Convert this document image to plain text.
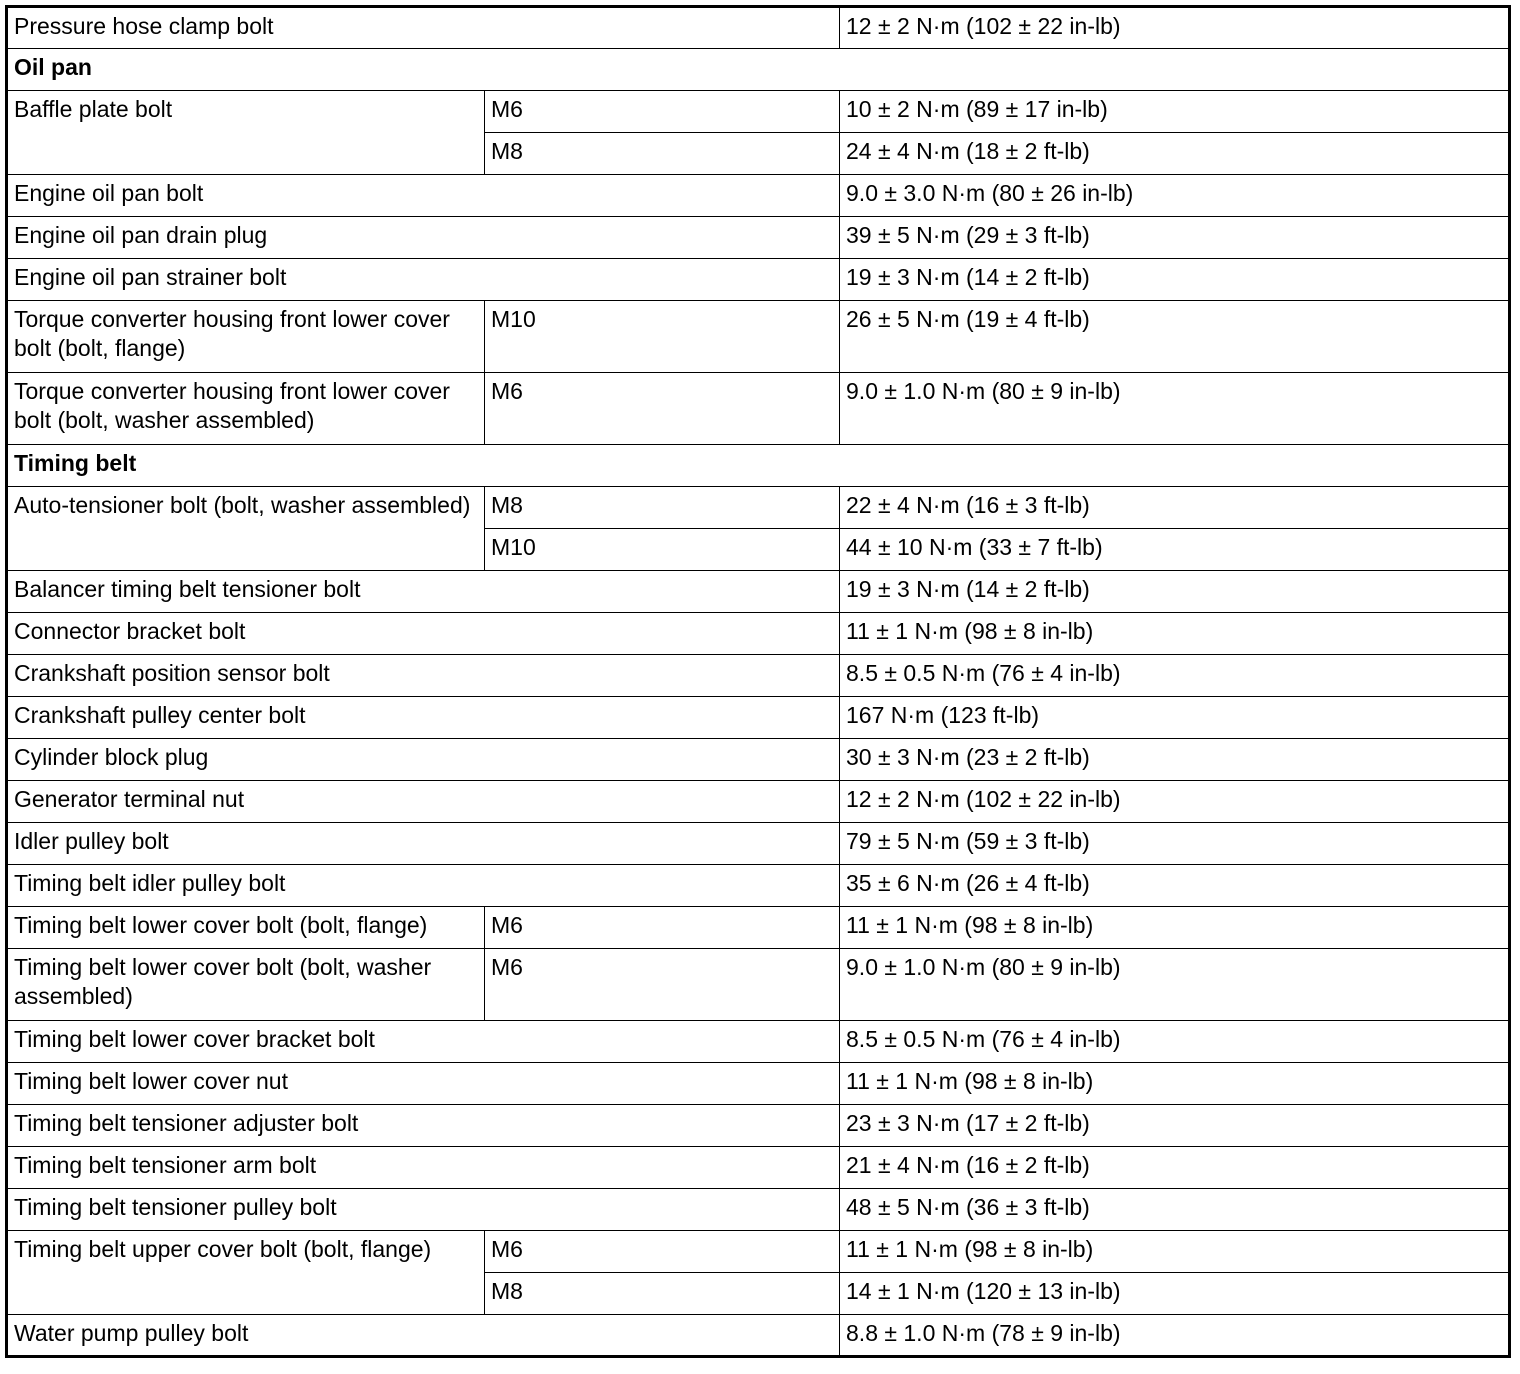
Pressure hose clamp bolt		12 ± 2 N·m (102 ± 22 in-lb)
Oil pan		
Baffle plate bolt	M6	10 ± 2 N·m (89 ± 17 in-lb)
	M8	24 ± 4 N·m (18 ± 2 ft-lb)
Engine oil pan bolt		9.0 ± 3.0 N·m (80 ± 26 in-lb)
Engine oil pan drain plug		39 ± 5 N·m (29 ± 3 ft-lb)
Engine oil pan strainer bolt		19 ± 3 N·m (14 ± 2 ft-lb)
Torque converter housing front lower cover bolt (bolt, flange)	M10	26 ± 5 N·m (19 ± 4 ft-lb)
Torque converter housing front lower cover bolt (bolt, washer assembled)	M6	9.0 ± 1.0 N·m (80 ± 9 in-lb)
Timing belt		
Auto-tensioner bolt (bolt, washer assembled)	M8	22 ± 4 N·m (16 ± 3 ft-lb)
	M10	44 ± 10 N·m (33 ± 7 ft-lb)
Balancer timing belt tensioner bolt		19 ± 3 N·m (14 ± 2 ft-lb)
Connector bracket bolt		11 ± 1 N·m (98 ± 8 in-lb)
Crankshaft position sensor bolt		8.5 ± 0.5 N·m (76 ± 4 in-lb)
Crankshaft pulley center bolt		167 N·m (123 ft-lb)
Cylinder block plug		30 ± 3 N·m (23 ± 2 ft-lb)
Generator terminal nut		12 ± 2 N·m (102 ± 22 in-lb)
Idler pulley bolt		79 ± 5 N·m (59 ± 3 ft-lb)
Timing belt idler pulley bolt		35 ± 6 N·m (26 ± 4 ft-lb)
Timing belt lower cover bolt (bolt, flange)	M6	11 ± 1 N·m (98 ± 8 in-lb)
Timing belt lower cover bolt (bolt, washer assembled)	M6	9.0 ± 1.0 N·m (80 ± 9 in-lb)
Timing belt lower cover bracket bolt		8.5 ± 0.5 N·m (76 ± 4 in-lb)
Timing belt lower cover nut		11 ± 1 N·m (98 ± 8 in-lb)
Timing belt tensioner adjuster bolt		23 ± 3 N·m (17 ± 2 ft-lb)
Timing belt tensioner arm bolt		21 ± 4 N·m (16 ± 2 ft-lb)
Timing belt tensioner pulley bolt		48 ± 5 N·m (36 ± 3 ft-lb)
Timing belt upper cover bolt (bolt, flange)	M6	11 ± 1 N·m (98 ± 8 in-lb)
	M8	14 ± 1 N·m (120 ± 13 in-lb)
Water pump pulley bolt		8.8 ± 1.0 N·m (78 ± 9 in-lb)
